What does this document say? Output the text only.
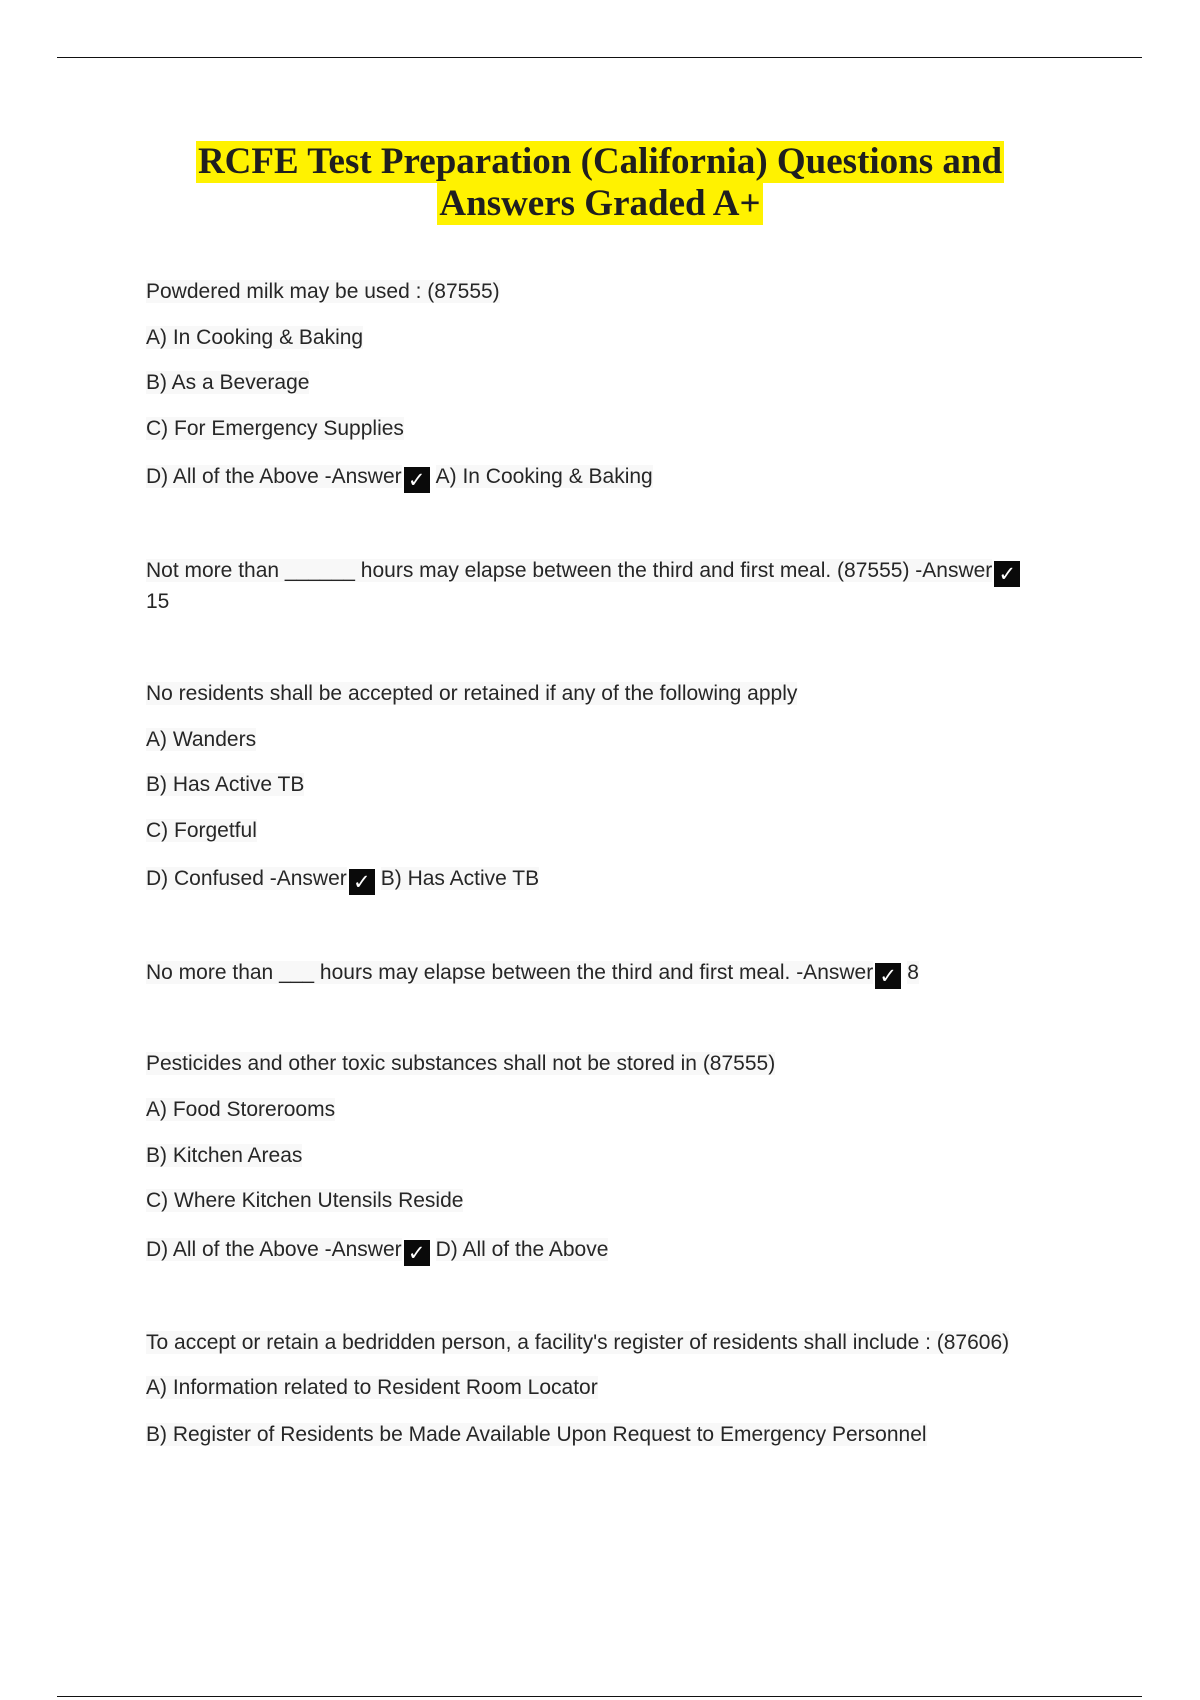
RCFE Test Preparation (California) Questions and
Answers Graded A+
Powdered milk may be used : (87555)
A) In Cooking & Baking
B) As a Beverage
C) For Emergency Supplies
D) All of the Above -Answer ✓ A) In Cooking & Baking
Not more than ______ hours may elapse between the third and first meal. (87555) -Answer ✓
15
No residents shall be accepted or retained if any of the following apply
A) Wanders
B) Has Active TB
C) Forgetful
D) Confused -Answer ✓ B) Has Active TB
No more than ___ hours may elapse between the third and first meal. -Answer ✓ 8
Pesticides and other toxic substances shall not be stored in (87555)
A) Food Storerooms
B) Kitchen Areas
C) Where Kitchen Utensils Reside
D) All of the Above -Answer ✓ D) All of the Above
To accept or retain a bedridden person, a facility's register of residents shall include : (87606)
A) Information related to Resident Room Locator
B) Register of Residents be Made Available Upon Request to Emergency Personnel
